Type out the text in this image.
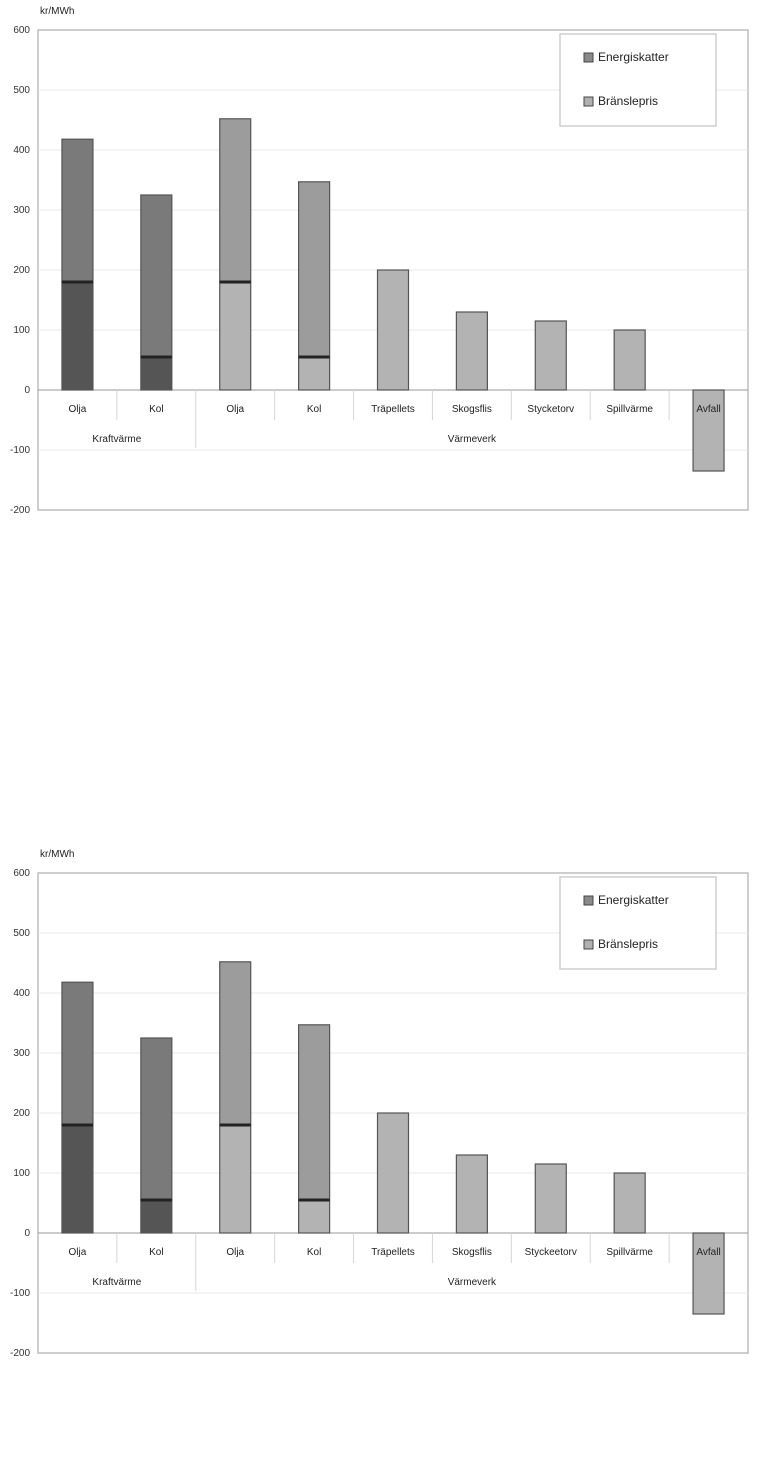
600
500
400
300
200
100
0
-100
-200
kr/MWh
Olja	Kol	Olja	Kol	Träpellets	Skogsflis	Stycketorv	Spillvärme	Avfall
Kraftvärme	Värmeverk
Energiskatter
Bränslepris
600
500
400
300
200
100
0
-100
-200
kr/MWh
Olja	Kol	Olja	Kol	Träpellets	Skogsflis	Styckeetorv	Spillvärme	Avfall
Kraftvärme	Värmeverk
Energiskatter
Bränslepris
